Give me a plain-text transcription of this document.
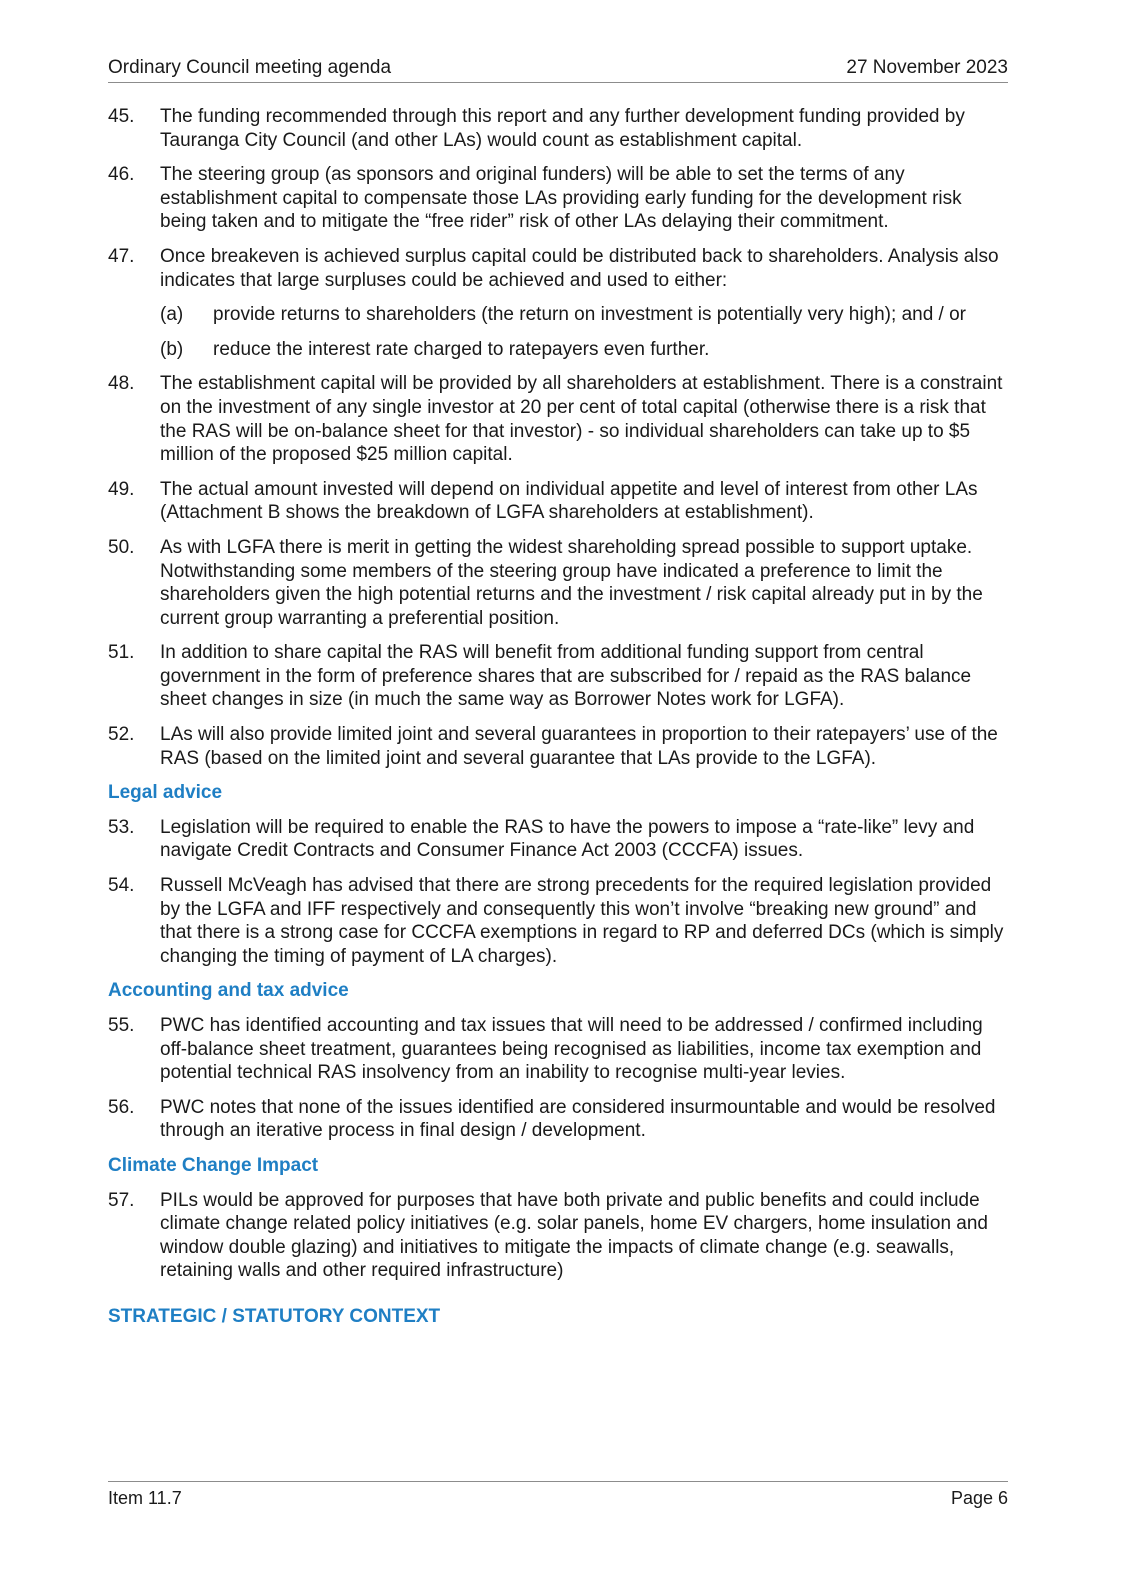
Ordinary Council meeting agenda	27 November 2023
45. The funding recommended through this report and any further development funding provided by Tauranga City Council (and other LAs) would count as establishment capital.
46. The steering group (as sponsors and original funders) will be able to set the terms of any establishment capital to compensate those LAs providing early funding for the development risk being taken and to mitigate the “free rider” risk of other LAs delaying their commitment.
47. Once breakeven is achieved surplus capital could be distributed back to shareholders. Analysis also indicates that large surpluses could be achieved and used to either:
(a) provide returns to shareholders (the return on investment is potentially very high); and / or
(b) reduce the interest rate charged to ratepayers even further.
48. The establishment capital will be provided by all shareholders at establishment. There is a constraint on the investment of any single investor at 20 per cent of total capital (otherwise there is a risk that the RAS will be on-balance sheet for that investor) - so individual shareholders can take up to $5 million of the proposed $25 million capital.
49. The actual amount invested will depend on individual appetite and level of interest from other LAs (Attachment B shows the breakdown of LGFA shareholders at establishment).
50. As with LGFA there is merit in getting the widest shareholding spread possible to support uptake. Notwithstanding some members of the steering group have indicated a preference to limit the shareholders given the high potential returns and the investment / risk capital already put in by the current group warranting a preferential position.
51. In addition to share capital the RAS will benefit from additional funding support from central government in the form of preference shares that are subscribed for / repaid as the RAS balance sheet changes in size (in much the same way as Borrower Notes work for LGFA).
52. LAs will also provide limited joint and several guarantees in proportion to their ratepayers’ use of the RAS (based on the limited joint and several guarantee that LAs provide to the LGFA).
Legal advice
53. Legislation will be required to enable the RAS to have the powers to impose a “rate-like” levy and navigate Credit Contracts and Consumer Finance Act 2003 (CCCFA) issues.
54. Russell McVeagh has advised that there are strong precedents for the required legislation provided by the LGFA and IFF respectively and consequently this won’t involve “breaking new ground” and that there is a strong case for CCCFA exemptions in regard to RP and deferred DCs (which is simply changing the timing of payment of LA charges).
Accounting and tax advice
55. PWC has identified accounting and tax issues that will need to be addressed / confirmed including off-balance sheet treatment, guarantees being recognised as liabilities, income tax exemption and potential technical RAS insolvency from an inability to recognise multi-year levies.
56. PWC notes that none of the issues identified are considered insurmountable and would be resolved through an iterative process in final design / development.
Climate Change Impact
57. PILs would be approved for purposes that have both private and public benefits and could include climate change related policy initiatives (e.g. solar panels, home EV chargers, home insulation and window double glazing) and initiatives to mitigate the impacts of climate change (e.g. seawalls, retaining walls and other required infrastructure)
STRATEGIC / STATUTORY CONTEXT
Item 11.7	Page 6
